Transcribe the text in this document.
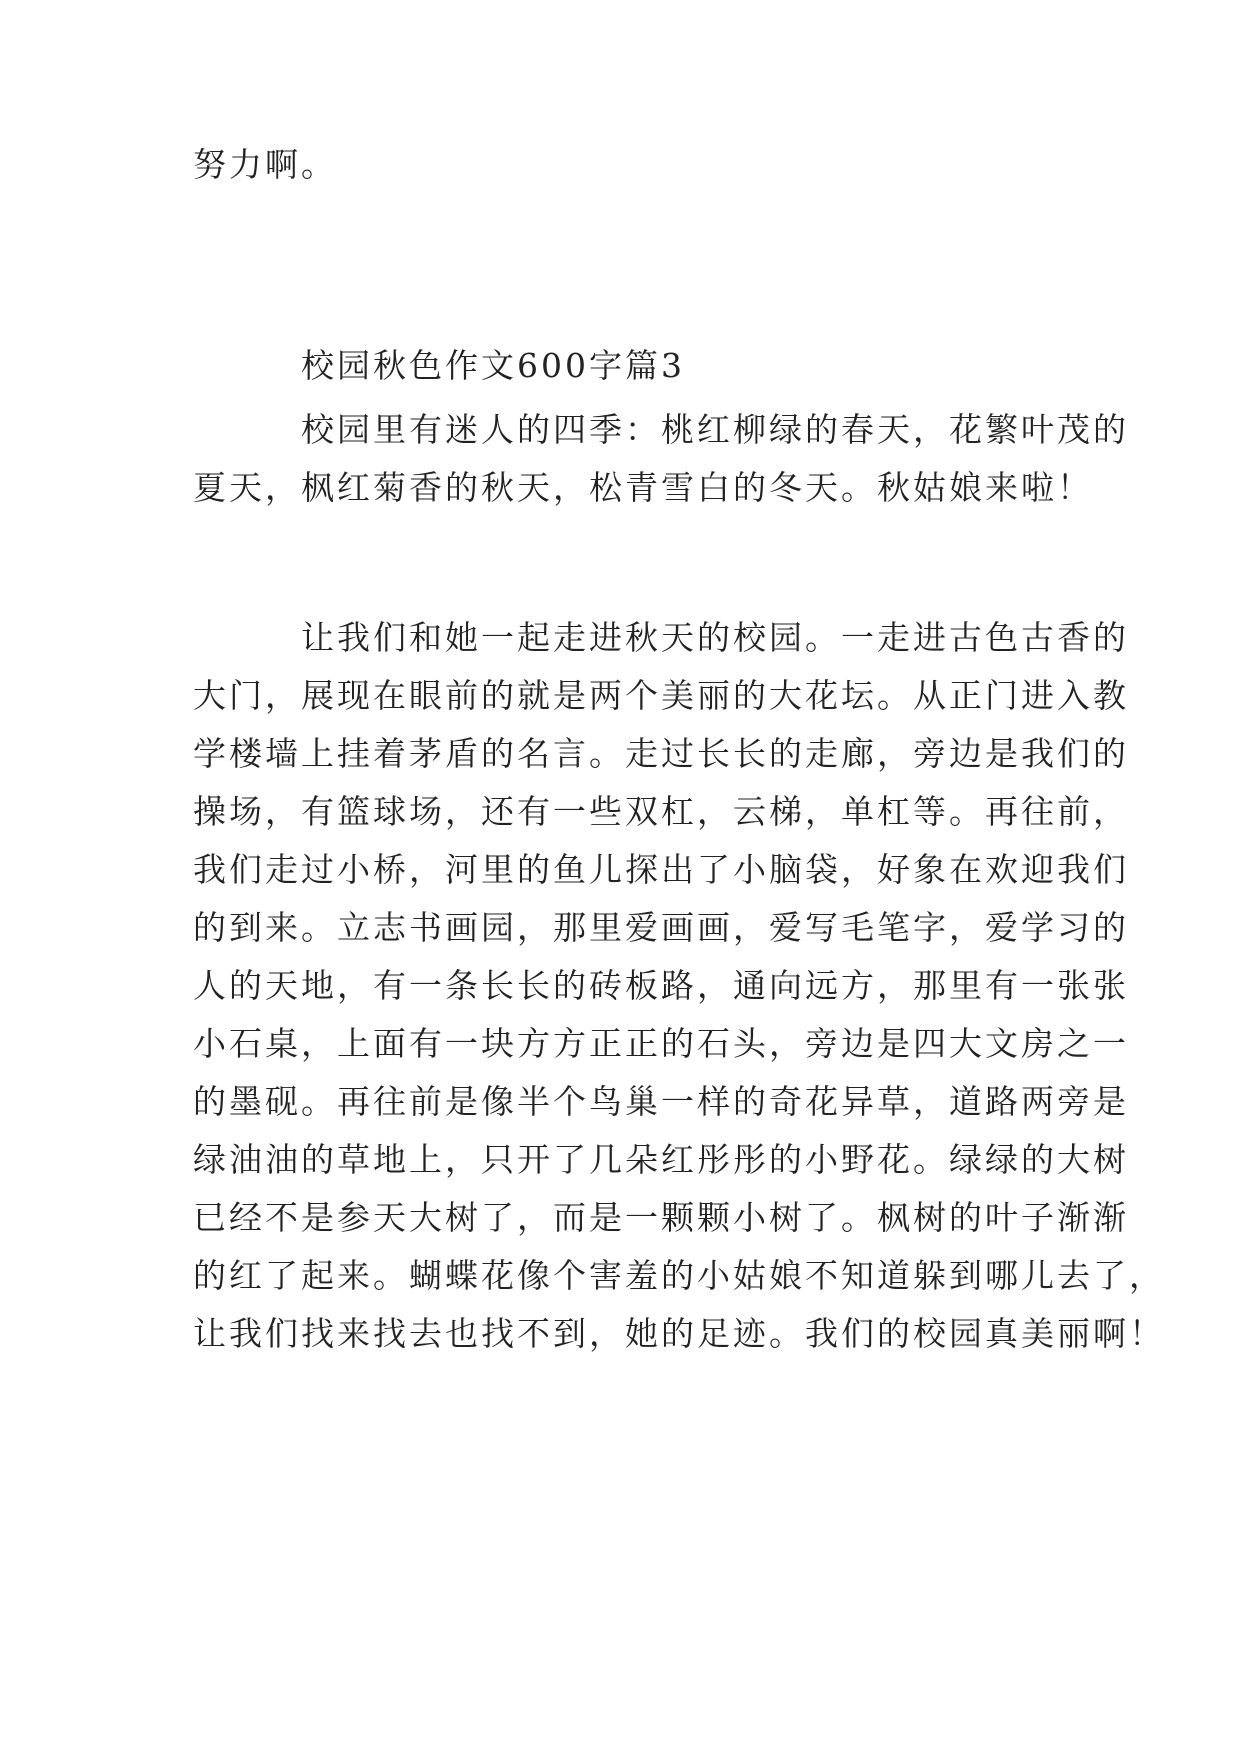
努力啊。
校园秋色作文600字篇3
校园里有迷人的四季：桃红柳绿的春天，花繁叶茂的
夏天，枫红菊香的秋天，松青雪白的冬天。秋姑娘来啦！
让我们和她一起走进秋天的校园。一走进古色古香的
大门，展现在眼前的就是两个美丽的大花坛。从正门进入教
学楼墙上挂着茅盾的名言。走过长长的走廊，旁边是我们的
操场，有篮球场，还有一些双杠，云梯，单杠等。再往前，
我们走过小桥，河里的鱼儿探出了小脑袋，好象在欢迎我们
的到来。立志书画园，那里爱画画，爱写毛笔字，爱学习的
人的天地，有一条长长的砖板路，通向远方，那里有一张张
小石桌，上面有一块方方正正的石头，旁边是四大文房之一
的墨砚。再往前是像半个鸟巢一样的奇花异草，道路两旁是
绿油油的草地上，只开了几朵红彤彤的小野花。绿绿的大树
已经不是参天大树了，而是一颗颗小树了。枫树的叶子渐渐
的红了起来。蝴蝶花像个害羞的小姑娘不知道躲到哪儿去了，
让我们找来找去也找不到，她的足迹。我们的校园真美丽啊！
